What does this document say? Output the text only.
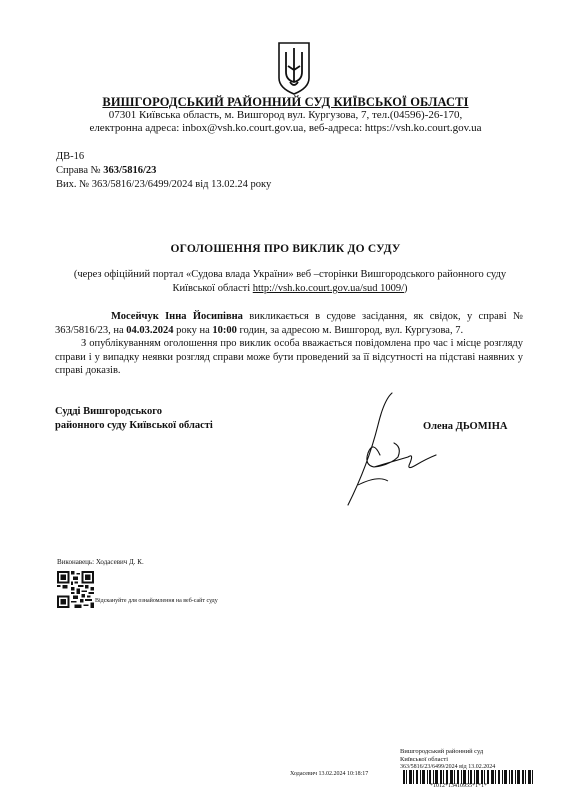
ВИШГОРОДСЬКИЙ РАЙОННИЙ СУД КИЇВСЬКОЇ ОБЛАСТІ
07301 Київська область, м. Вишгород вул. Кургузова, 7, тел.(04596)-26-170,
електронна адреса: inbox@vsh.ko.court.gov.ua, веб-адреса: https://vsh.ko.court.gov.ua
ДВ-16
Справа № 363/5816/23
Вих. № 363/5816/23/6499/2024 від 13.02.24 року
ОГОЛОШЕННЯ ПРО ВИКЛИК ДО СУДУ
(через офіційний портал «Судова влада України» веб –сторінки Вишгородського районного суду Київської області http://vsh.ko.court.gov.ua/sud 1009/)
Мосейчук Інна Йосипівна викликається в судове засідання, як свідок, у справі № 363/5816/23, на 04.03.2024 року на 10:00 годин, за адресою м. Вишгород, вул. Кургузова, 7.
З опублікуванням оголошення про виклик особа вважається повідомлена про час і місце розгляду справи і у випадку неявки розгляд справи може бути проведений за її відсутності на підставі наявних у справі доказів.
Судді Вишгородського
районного суду Київської області	Олена ДЬОМІНА
Виконавець: Ходасевич Д. К.
Відскануйте для ознайомлення на веб-сайт суду
Вишгородський районний суд
Київської області
363/5816/23/6499/2024 від 13.02.2024
Ходасевич 13.02.2024 10:18:17
*1012*13410955*1*1*
